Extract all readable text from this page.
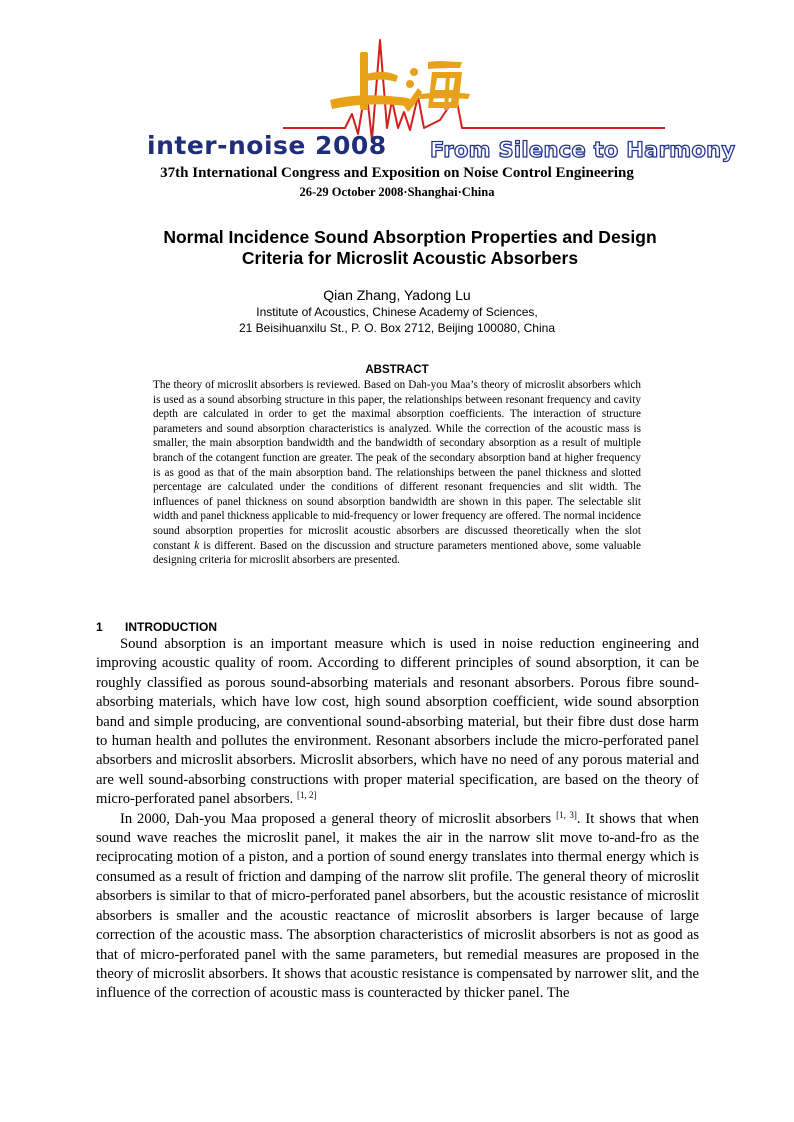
inter-noise 2008 From Silence to Harmony
37th International Congress and Exposition on Noise Control Engineering
26-29 October 2008·Shanghai·China
Normal Incidence Sound Absorption Properties and Design
Criteria for Microslit Acoustic Absorbers
Qian Zhang, Yadong Lu
Institute of Acoustics, Chinese Academy of Sciences,
21 Beisihuanxilu St., P. O. Box 2712, Beijing 100080, China
ABSTRACT
The theory of microslit absorbers is reviewed. Based on Dah-you Maa’s theory of microslit absorbers which is used as a sound absorbing structure in this paper, the relationships between resonant frequency and cavity depth are calculated in order to get the maximal absorption coefficients. The interaction of structure parameters and sound absorption characteristics is analyzed. While the correction of the acoustic mass is smaller, the main absorption bandwidth and the bandwidth of secondary absorption as a result of multiple branch of the cotangent function are greater. The peak of the secondary absorption band at higher frequency is as good as that of the main absorption band. The relationships between the panel thickness and slotted percentage are calculated under the conditions of different resonant frequencies and slit width. The influences of panel thickness on sound absorption bandwidth are shown in this paper. The selectable slit width and panel thickness applicable to mid-frequency or lower frequency are offered. The normal incidence sound absorption properties for microslit acoustic absorbers are discussed theoretically when the slot constant k is different. Based on the discussion and structure parameters mentioned above, some valuable designing criteria for microslit absorbers are presented.
1 INTRODUCTION

Sound absorption is an important measure which is used in noise reduction engineering and improving acoustic quality of room. According to different principles of sound absorption, it can be roughly classified as porous sound-absorbing materials and resonant absorbers. Porous fibre sound-absorbing materials, which have low cost, high sound absorption coefficient, wide sound absorption band and simple producing, are conventional sound-absorbing material, but their fibre dust dose harm to human health and pollutes the environment. Resonant absorbers include the micro-perforated panel absorbers and microslit absorbers. Microslit absorbers, which have no need of any porous material and are well sound-absorbing constructions with proper material specification, are based on the theory of micro-perforated panel absorbers. [1, 2]

In 2000, Dah-you Maa proposed a general theory of microslit absorbers [1, 3]. It shows that when sound wave reaches the microslit panel, it makes the air in the narrow slit move to-and-fro as the reciprocating motion of a piston, and a portion of sound energy translates into thermal energy which is consumed as a result of friction and damping of the narrow slit profile. The general theory of microslit absorbers is similar to that of micro-perforated panel absorbers, but the acoustic resistance of microslit absorbers is smaller and the acoustic reactance of microslit absorbers is larger because of large correction of the acoustic mass. The absorption characteristics of microslit absorbers is not as good as that of micro-perforated panel with the same parameters, but remedial measures are proposed in the theory of microslit absorbers. It shows that acoustic resistance is compensated by narrower slit, and the influence of the correction of acoustic mass is counteracted by thicker panel. The
